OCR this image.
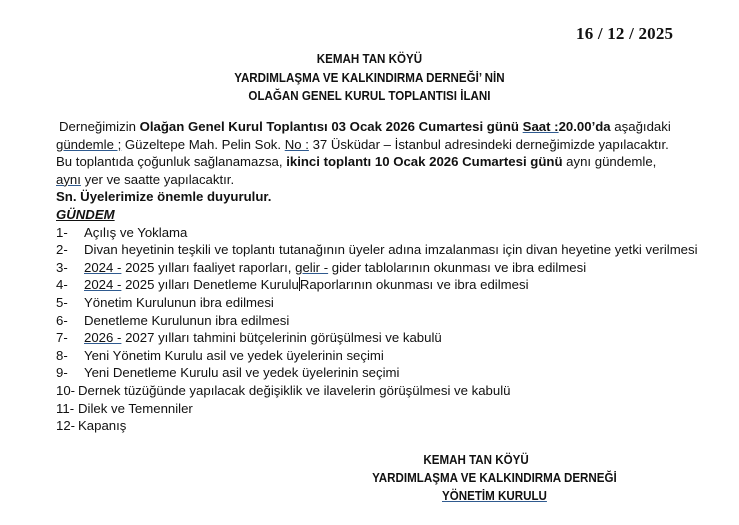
16 / 12 / 2025
KEMAH TAN KÖYÜ
YARDIMLAŞMA VE KALKINDIRMA DERNEĞİ’ NİN
OLAĞAN GENEL KURUL TOPLANTISI İLANI
Derneğimizin Olağan Genel Kurul Toplantısı 03 Ocak 2026 Cumartesi günü Saat :20.00’da aşağıdaki
gündemle ; Güzeltepe Mah. Pelin Sok. No : 37 Üsküdar – İstanbul adresindeki derneğimizde yapılacaktır.
Bu toplantıda çoğunluk sağlanamazsa, ikinci toplantı 10 Ocak 2026 Cumartesi günü aynı gündemle,
aynı yer ve saatte yapılacaktır.
Sn. Üyelerimize önemle duyurulur.
GÜNDEM
1-	Açılış ve Yoklama
2-	Divan heyetinin teşkili ve toplantı tutanağının üyeler adına imzalanması için divan heyetine yetki verilmesi
3-	2024 - 2025 yılları faaliyet raporları, gelir - gider tablolarının okunması ve ibra edilmesi
4-	2024 - 2025 yılları Denetleme KuruluRaporlarının okunması ve ibra edilmesi
5-	Yönetim Kurulunun ibra edilmesi
6-	Denetleme Kurulunun ibra edilmesi
7-	2026 - 2027 yılları tahmini bütçelerinin görüşülmesi ve kabulü
8-	Yeni Yönetim Kurulu asil ve yedek üyelerinin seçimi
9-	Yeni Denetleme Kurulu asil ve yedek üyelerinin seçimi
10- Dernek tüzüğünde yapılacak değişiklik ve ilavelerin görüşülmesi ve kabulü
11- Dilek ve Temenniler
12- Kapanış
KEMAH TAN KÖYÜ
YARDIMLAŞMA VE KALKINDIRMA DERNEĞİ
YÖNETİM KURULU
